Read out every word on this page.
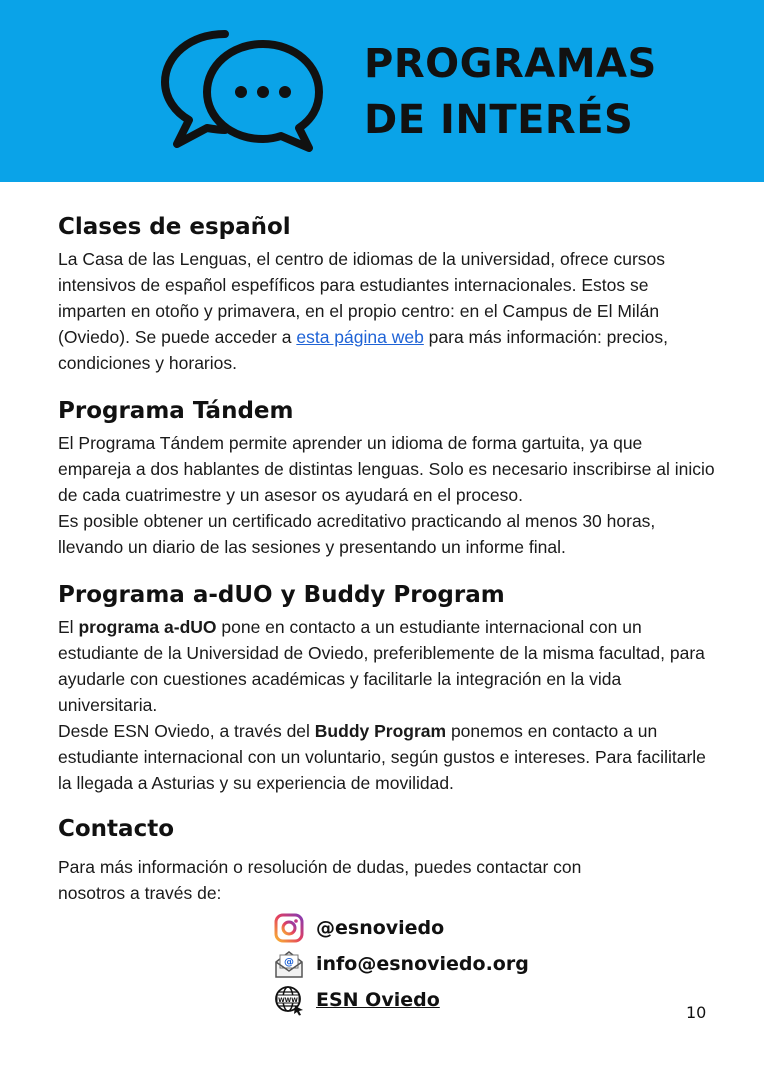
PROGRAMAS
DE INTERÉS
Clases de español

La Casa de las Lenguas, el centro de idiomas de la universidad, ofrece cursos intensivos de español espefíficos para estudiantes internacionales. Estos se imparten en otoño y primavera, en el propio centro: en el Campus de El Milán (Oviedo). Se puede acceder a esta página web para más información: precios, condiciones y horarios.

Programa Tándem

El Programa Tándem permite aprender un idioma de forma gartuita, ya que empareja a dos hablantes de distintas lenguas. Solo es necesario inscribirse al inicio de cada cuatrimestre y un asesor os ayudará en el proceso.

Es posible obtener un certificado acreditativo practicando al menos 30 horas, llevando un diario de las sesiones y presentando un informe final.

Programa a-dUO y Buddy Program

El programa a-dUO pone en contacto a un estudiante internacional con un estudiante de la Universidad de Oviedo, preferiblemente de la misma facultad, para ayudarle con cuestiones académicas y facilitarle la integración en la vida universitaria.

Desde ESN Oviedo, a través del Buddy Program ponemos en contacto a un estudiante internacional con un voluntario, según gustos e intereses. Para facilitarle la llegada a Asturias y su experiencia de movilidad.

Contacto

Para más información o resolución de dudas, puedes contactar con nosotros a través de:

@esnoviedo
@ info@esnoviedo.org
WWW ESN Oviedo
10
